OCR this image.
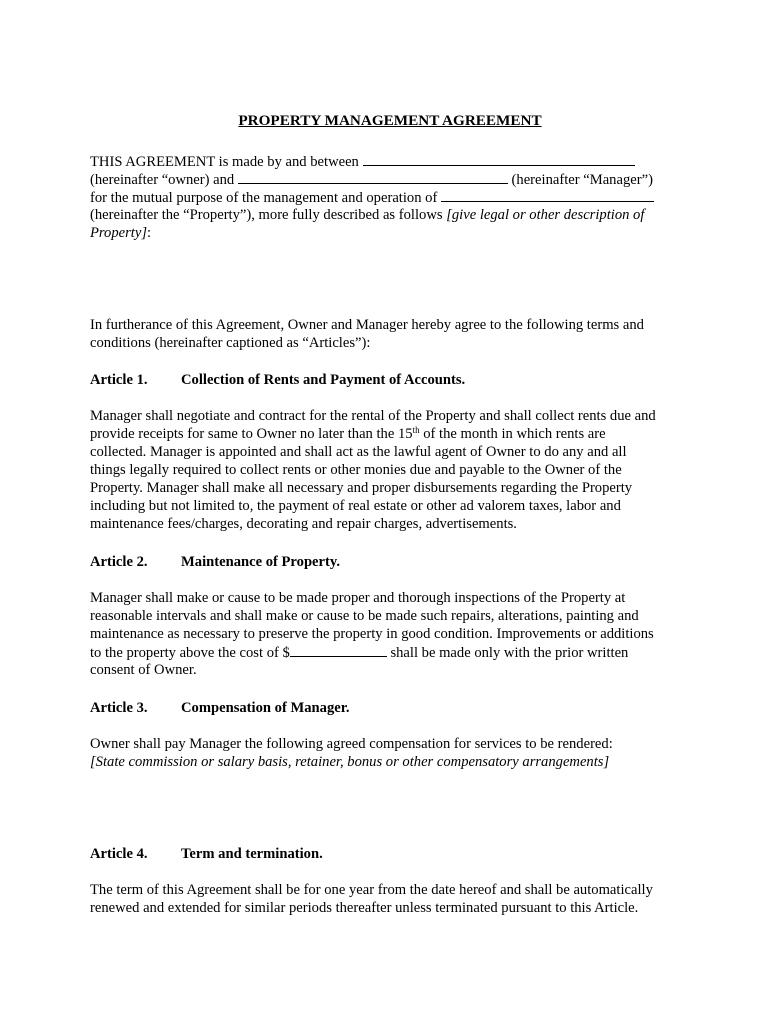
PROPERTY MANAGEMENT AGREEMENT

THIS AGREEMENT is made by and between

(hereinafter “owner) and	(hereinafter “Manager”)

for the mutual purpose of the management and operation of

(hereinafter the “Property”), more fully described as follows [give legal or other description of

Property]:

In furtherance of this Agreement, Owner and Manager hereby agree to the following terms and

conditions (hereinafter captioned as “Articles”):

Article 1. Collection of Rents and Payment of Accounts.

Manager shall negotiate and contract for the rental of the Property and shall collect rents due and

provide receipts for same to Owner no later than the 15th of the month in which rents are

collected. Manager is appointed and shall act as the lawful agent of Owner to do any and all

things legally required to collect rents or other monies due and payable to the Owner of the

Property. Manager shall make all necessary and proper disbursements regarding the Property

including but not limited to, the payment of real estate or other ad valorem taxes, labor and

maintenance fees/charges, decorating and repair charges, advertisements.

Article 2. Maintenance of Property.

Manager shall make or cause to be made proper and thorough inspections of the Property at

reasonable intervals and shall make or cause to be made such repairs, alterations, painting and

maintenance as necessary to preserve the property in good condition. Improvements or additions

to the property above the cost of $	shall be made only with the prior written

consent of Owner.

Article 3. Compensation of Manager.

Owner shall pay Manager the following agreed compensation for services to be rendered:

[State commission or salary basis, retainer, bonus or other compensatory arrangements]

Article 4. Term and termination.

The term of this Agreement shall be for one year from the date hereof and shall be automatically

renewed and extended for similar periods thereafter unless terminated pursuant to this Article.
